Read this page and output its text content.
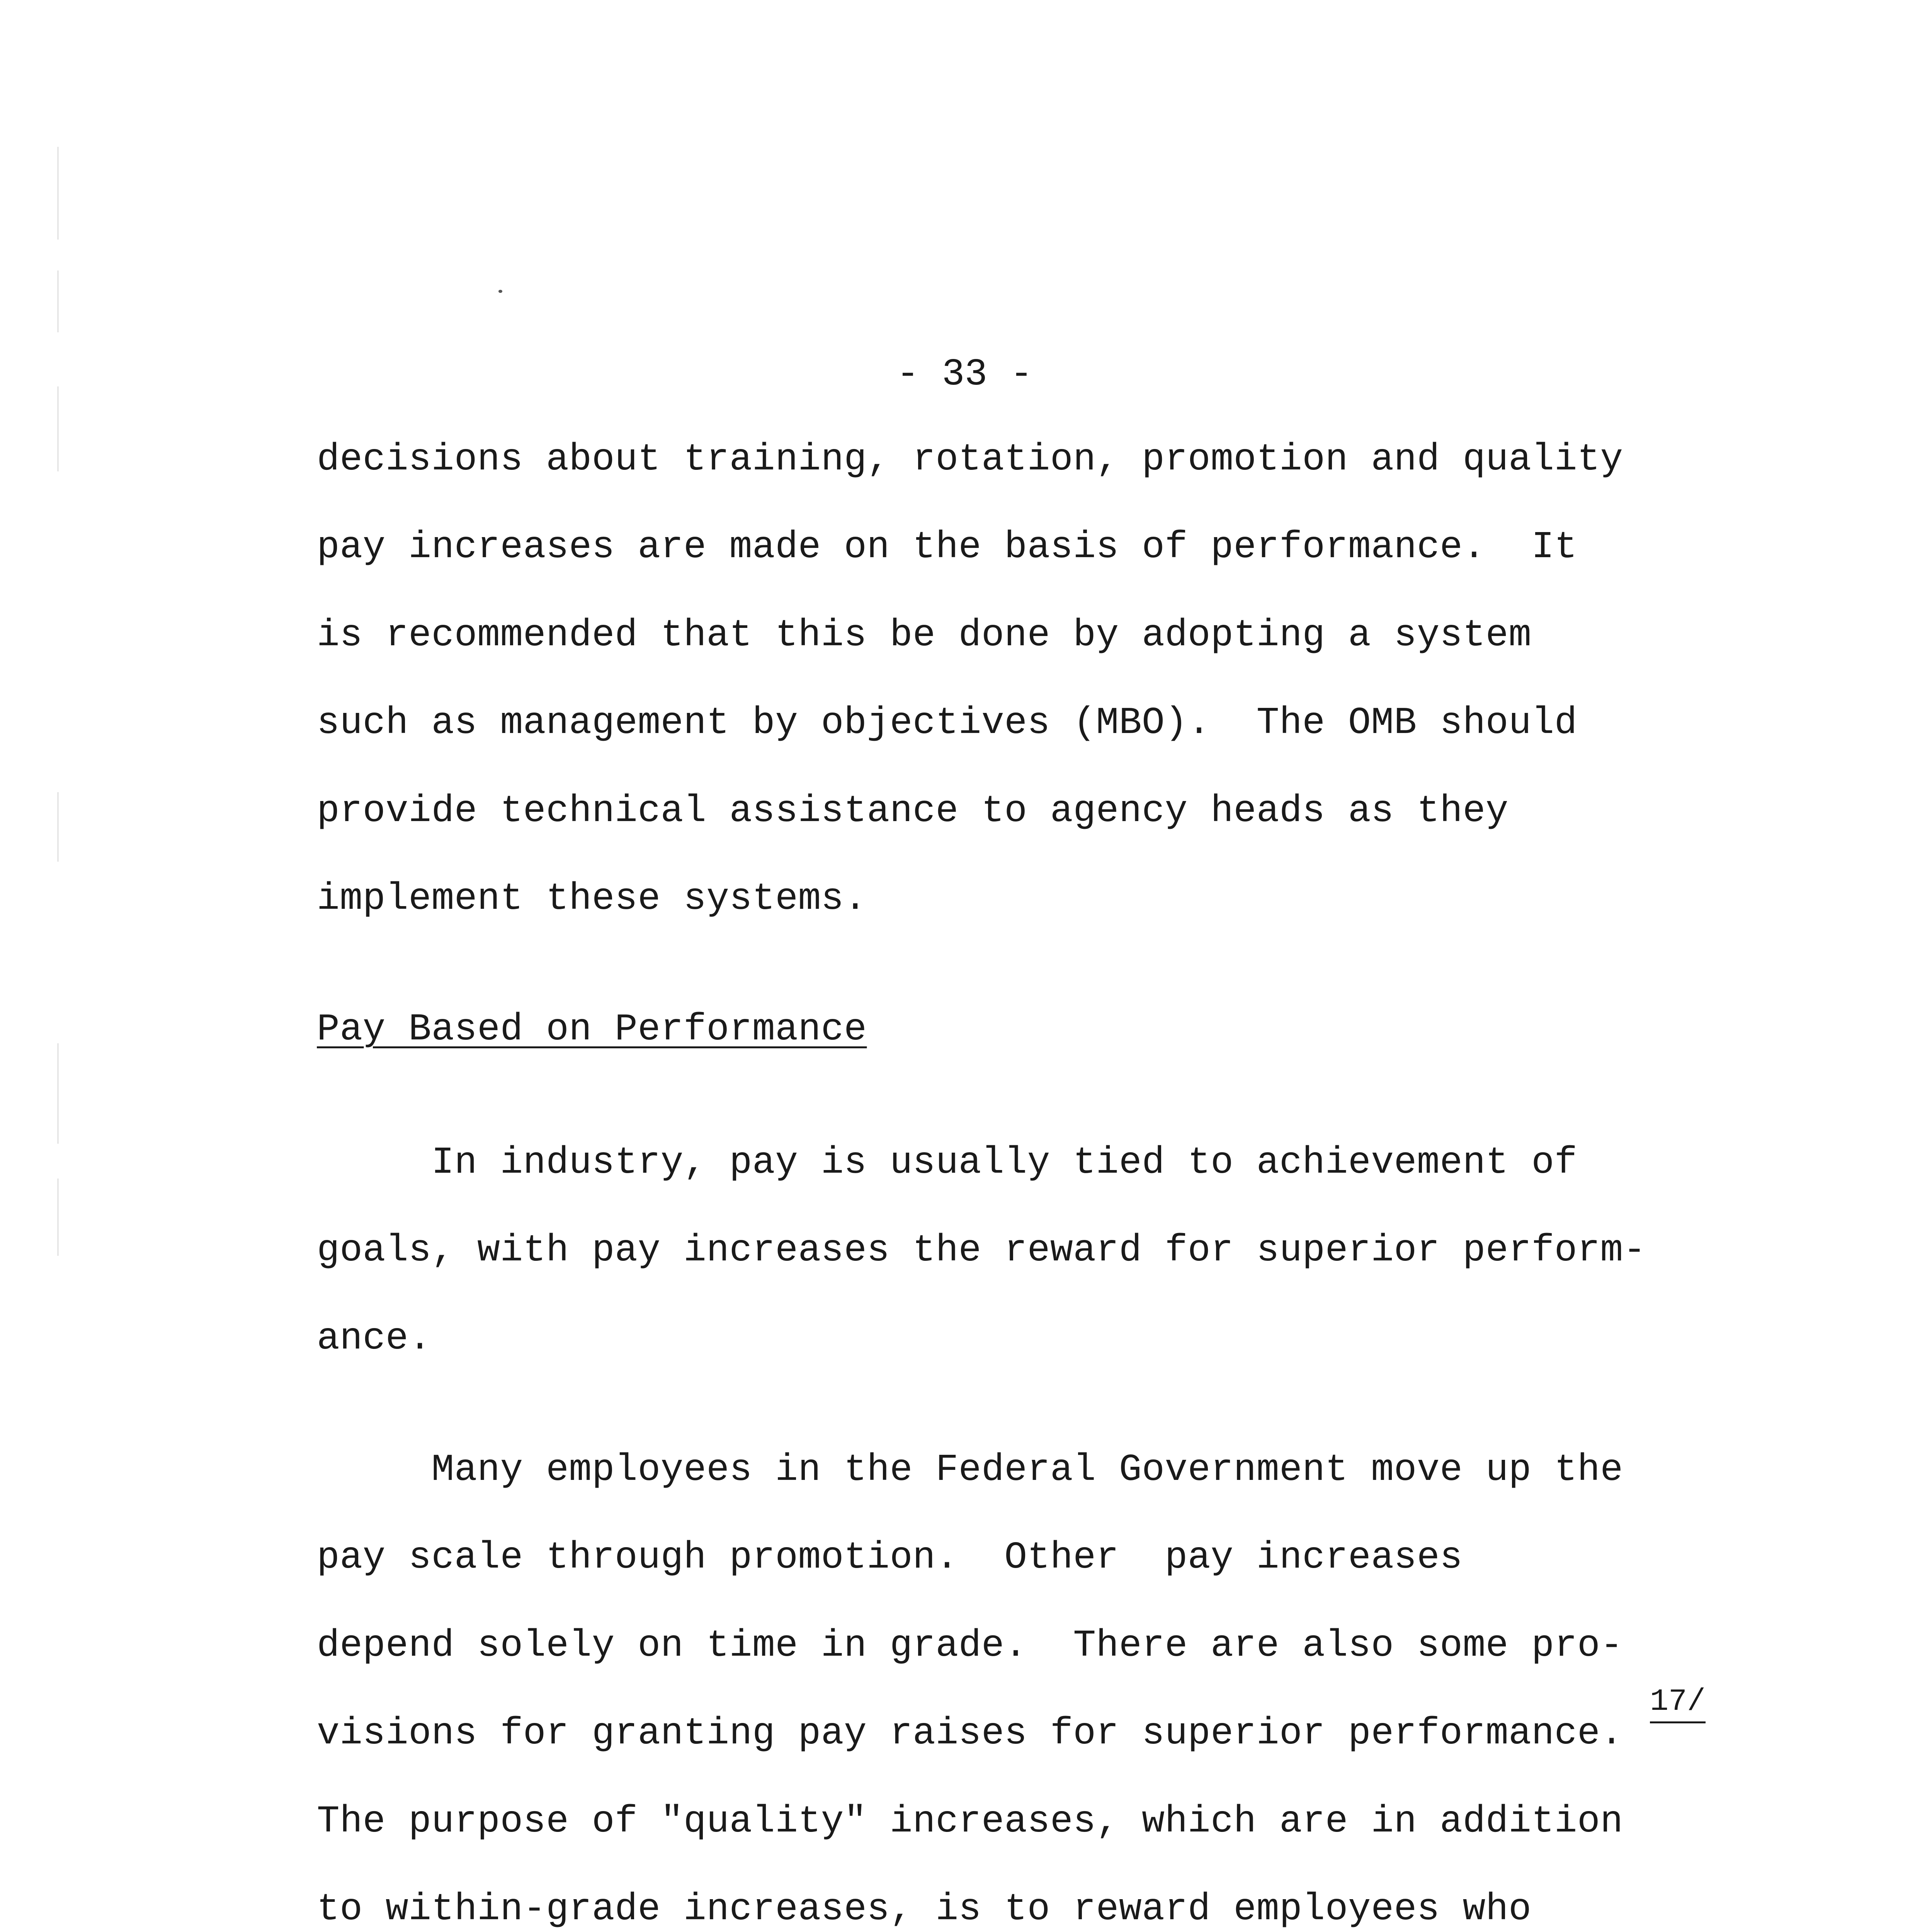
- 33 -
decisions about training, rotation, promotion and quality
pay increases are made on the basis of performance.  It
is recommended that this be done by adopting a system
such as management by objectives (MBO).  The OMB should
provide technical assistance to agency heads as they
implement these systems.
Pay Based on Performance
In industry, pay is usually tied to achievement of
goals, with pay increases the reward for superior perform-
ance.
Many employees in the Federal Government move up the
pay scale through promotion.  Other  pay increases
depend solely on time in grade.  There are also some pro-
visions for granting pay raises for superior performance.
17/
The purpose of "quality" increases, which are in addition
to within-grade increases, is to reward employees who
